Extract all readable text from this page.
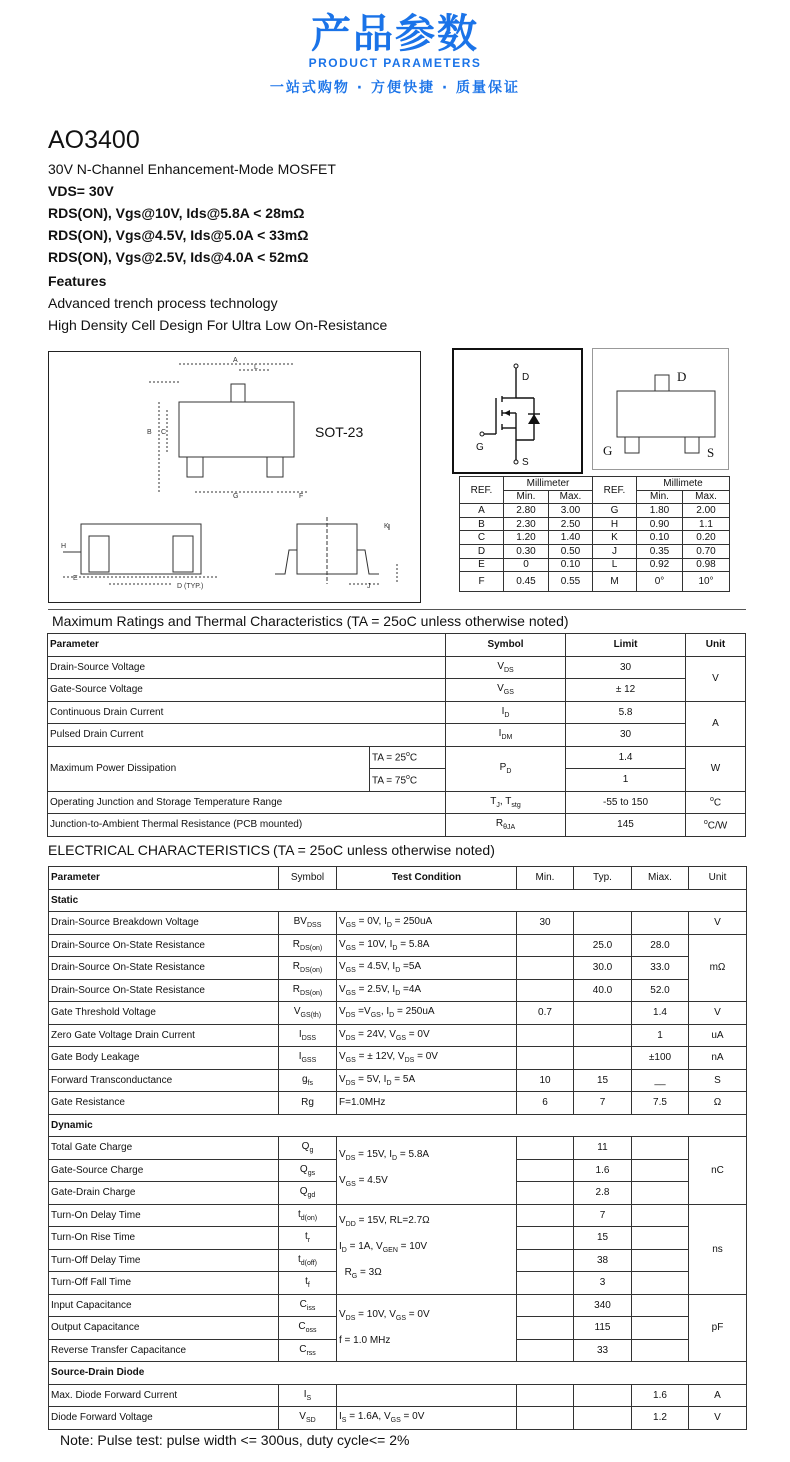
产品参数
PRODUCT PARAMETERS
一站式购物 · 方便快捷 · 质量保证
AO3400
30V N-Channel Enhancement-Mode MOSFET
VDS= 30V
RDS(ON), Vgs@10V, Ids@5.8A < 28mΩ
RDS(ON), Vgs@4.5V, Ids@5.0A < 33mΩ
RDS(ON), Vgs@2.5V, Ids@4.0A < 52mΩ
Features
Advanced trench process technology
High Density Cell Design For Ultra Low On-Resistance
A
L
B C
G	F
H
E
D (TYP.)
K
J
SOT-23
D
G
S
D
G	S
REF.	Millimeter		REF.	Millimete	
	Min.	Max.		Min.	Max.
A	2.80	3.00	G	1.80	2.00
B	2.30	2.50	H	0.90	1.1
C	1.20	1.40	K	0.10	0.20
D	0.30	0.50	J	0.35	0.70
E	0	0.10	L	0.92	0.98
F	0.45	0.55	M	0°	10°
Maximum Ratings and Thermal Characteristics (TA = 25oC unless otherwise noted)
Parameter		Symbol	Limit	Unit
Drain-Source Voltage		$V_{DS}$	30	V
Gate-Source Voltage		$V_{GS}$	± 12	
Continuous Drain Current		$I_D$	5.8	A
Pulsed Drain Current		$I_{DM}$	30	
Maximum Power Dissipation	TA = $25^oC$	$P_D$	1.4	W
	TA = $75^oC$		1	
Operating Junction and Storage Temperature Range		$T_J$, $T_{stg}$	-55 to 150	$^o$C
Junction-to-Ambient Thermal Resistance (PCB mounted)		$R_{\theta JA}$	145	$^o$C/W
ELECTRICAL CHARACTERISTICS (TA = 25oC unless otherwise noted)
Parameter	Symbol	Test Condition	Min.	Typ.	Miax.	Unit
Static						
Drain-Source Breakdown Voltage	$BV_{DSS}$	$V_{GS} = 0V$, $I_D = 250uA$	30			V
Drain-Source On-State Resistance	$R_{DS(on)}$	$V_{GS} = 10V$, $I_D = 5.8A$		25.0	28.0	mΩ
Drain-Source On-State Resistance	$R_{DS(on)}$	$V_{GS} = 4.5V$, $I_D =5A$		30.0	33.0	
Drain-Source On-State Resistance	$R_{DS(on)}$	$V_{GS} = 2.5V$, $I_D =4A$		40.0	52.0	
Gate Threshold Voltage	$V_{GS(th)}$	$V_{DS} =V_{GS}$, $I_D = 250uA$	0.7		1.4	V
Zero Gate Voltage Drain Current	$I_{DSS}$	$V_{DS} = 24V$, $V_{GS} = 0V$			1	uA
Gate Body Leakage	$I_{GSS}$	$V_{GS}$ = ± 12V, $V_{DS} = 0V$			±100	nA
Forward Transconductance	$g_{fs}$	$V_{DS} = 5V$, $I_D = 5A$	10	15	__	S
Gate Resistance	Rg	F=1.0MHz	6	7	7.5	Ω
Dynamic						
Total Gate Charge	$Q_g$	$V_{DS} = 15V$, $I_D = 5.8A$
$V_{GS} = 4.5V$		11		nC
Gate-Source Charge	$Q_{gs}$			1.6		
Gate-Drain Charge	$Q_{gd}$			2.8		
Turn-On Delay Time	$t_{d(on)}$	$V_{DD} = 15V$, RL=2.7Ω
$I_D = 1A$, $V_{GEN} = 10V$
$R_G = 3\Omega$		7		ns
Turn-On Rise Time	$t_r$			15		
Turn-Off Delay Time	$t_{d(off)}$			38		
Turn-Off Fall Time	$t_f$			3		
Input Capacitance	$C_{iss}$	$V_{DS} = 10V$, $V_{GS} = 0V$
f = 1.0 MHz		340		pF
Output Capacitance	$C_{oss}$			115		
Reverse Transfer Capacitance	$C_{rss}$			33		
Source-Drain Diode						
Max. Diode Forward Current	$I_S$				1.6	A
Diode Forward Voltage	$V_{SD}$	$I_S = 1.6A$, $V_{GS} = 0V$			1.2	V
Note: Pulse test: pulse width <= 300us, duty cycle<= 2%
